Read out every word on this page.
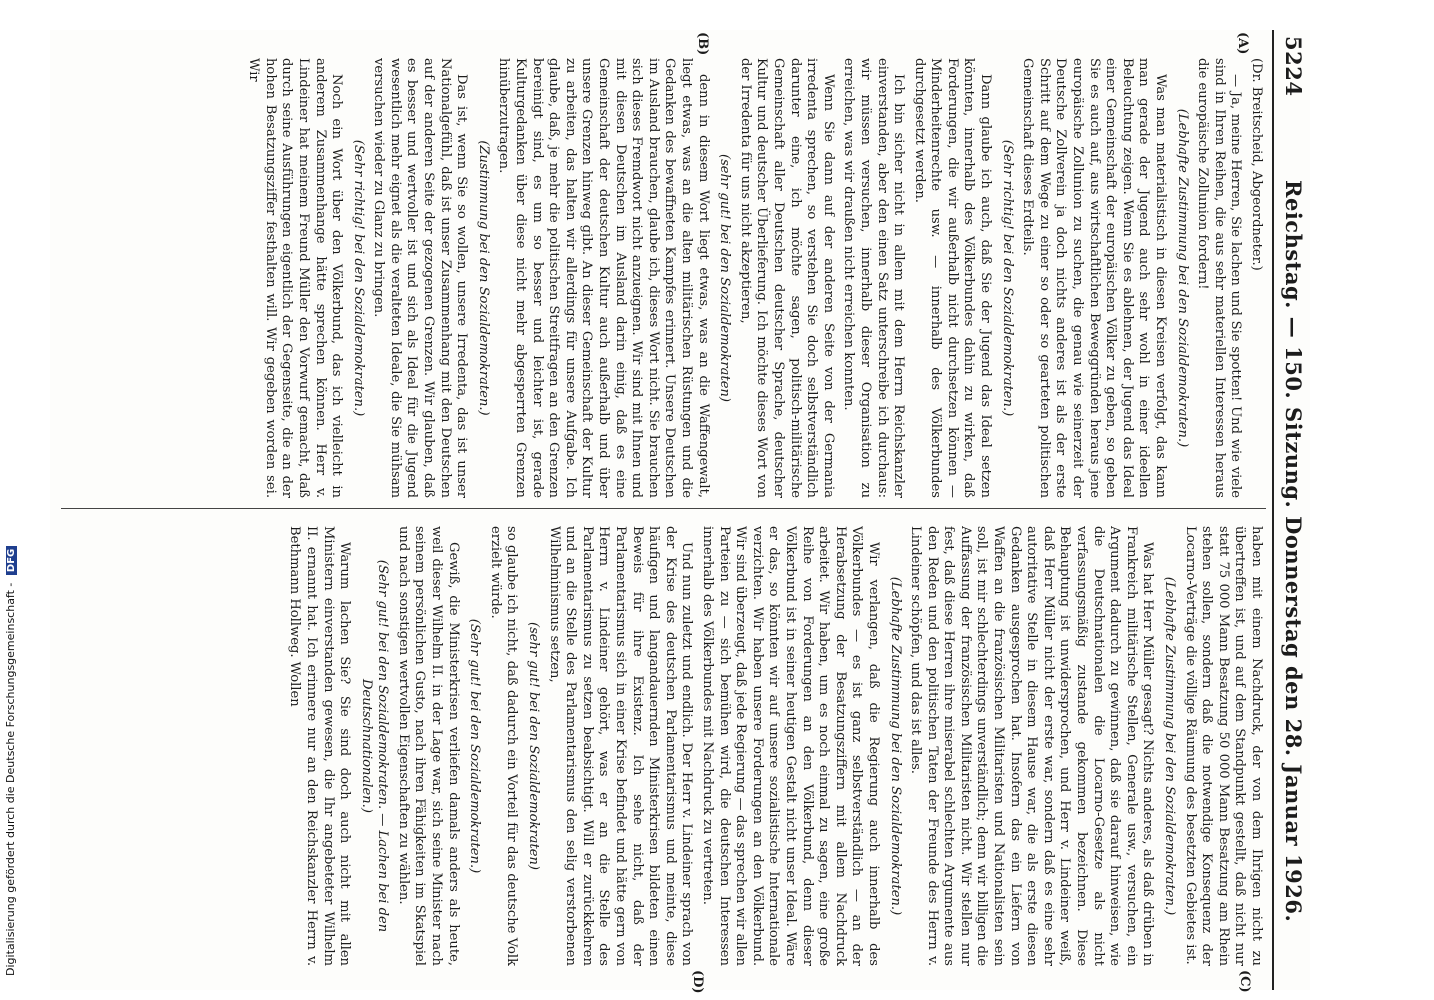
5224
Reichstag. — 150. Sitzung. Donnerstag den 28. Januar 1926.
(A)
(B)
(C)
(D)

(Dr. Breitscheid, Abgeordneter.)

— Ja, meine Herren, Sie lachen und Sie spotten! Und wie viele sind in Ihren Reihen, die aus sehr materiellen Interessen heraus die europäische Zollunion fordern!

(Lebhafte Zustimmung bei den Sozialdemokraten.)

Was man materialistisch in diesen Kreisen verfolgt, das kann man gerade der Jugend auch sehr wohl in einer ideellen Beleuchtung zeigen. Wenn Sie es ablehnen, der Jugend das Ideal einer Gemeinschaft der europäischen Völker zu geben, so geben Sie es auch auf, aus wirtschaftlichen Beweggründen heraus jene europäische Zollunion zu suchen, die genau wie seinerzeit der Deutsche Zollverein ja doch nichts anderes ist als der erste Schritt auf dem Wege zu einer so oder so gearteten politischen Gemeinschaft dieses Erdteils.

(Sehr richtig! bei den Sozialdemokraten.)

Dann glaube ich auch, daß Sie der Jugend das Ideal setzen könnten, innerhalb des Völkerbundes dahin zu wirken, daß Forderungen, die wir außerhalb nicht durchsetzen können — Minderheitenrechte usw. — innerhalb des Völkerbundes durchgesetzt werden.

Ich bin sicher nicht in allem mit dem Herrn Reichskanzler einverstanden, aber den einen Satz unterschreibe ich durchaus: wir müssen versuchen, innerhalb dieser Organisation zu erreichen, was wir draußen nicht erreichen konnten.

Wenn Sie dann auf der anderen Seite von der Germania irredenta sprechen, so verstehen Sie doch selbstverständlich darunter eine, ich möchte sagen, politisch-militärische Gemeinschaft aller Deutschen deutscher Sprache, deutscher Kultur und deutscher Überlieferung. Ich möchte dieses Wort von der Irredenta für uns nicht akzeptieren,

(sehr gut! bei den Sozialdemokraten)

denn in diesem Wort liegt etwas, was an die Waffengewalt, liegt etwas, was an die alten militärischen Rüstungen und die Gedanken des bewaffneten Kampfes erinnert. Unsere Deutschen im Ausland brauchen, glaube ich, dieses Wort nicht. Sie brauchen sich dieses Fremdwort nicht anzueignen. Wir sind mit Ihnen und mit diesen Deutschen im Ausland darin einig, daß es eine Gemeinschaft der deutschen Kultur auch außerhalb und über unsere Grenzen hinweg gibt. An dieser Gemeinschaft der Kultur zu arbeiten, das halten wir allerdings für unsere Aufgabe. Ich glaube, daß, je mehr die politischen Streitfragen an den Grenzen bereinigt sind, es um so besser und leichter ist, gerade Kulturgedanken über diese nicht mehr abgesperrten Grenzen hinüberzutragen.

(Zustimmung bei den Sozialdemokraten.)

Das ist, wenn Sie so wollen, unsere Irredenta, das ist unser Nationalgefühl, daß ist unser Zusammenhang mit den Deutschen auf der anderen Seite der gezogenen Grenzen. Wir glauben, daß es besser und wertvoller ist und sich als Ideal für die Jugend wesentlich mehr eignet als die veralteten Ideale, die Sie mühsam versuchen wieder zu Glanz zu bringen.

(Sehr richtig! bei den Sozialdemokraten.)

Noch ein Wort über den Völkerbund, das ich vielleicht in anderem Zusammenhange hätte sprechen können. Herr v. Lindeiner hat meinem Freund Müller den Vorwurf gemacht, daß durch seine Ausführungen eigentlich der Gegenseite, die an der hohen Besatzungsziffer festhalten will. Wir gegeben worden sei. Wir

haben mit einem Nachdruck, der von dem Ihrigen nicht zu übertreffen ist, und auf dem Standpunkt gestellt, daß nicht nur statt 75 000 Mann Besatzung 50 000 Mann Besatzung am Rhein stehen sollen, sondern daß die notwendige Konsequenz der Locarno-Verträge die völlige Räumung des besetzten Gebietes ist.

(Lebhafte Zustimmung bei den Sozialdemokraten.)

Was hat Herr Müller gesagt? Nichts anderes, als daß drüben in Frankreich militärische Stellen, Generale usw., versuchen, ein Argument dadurch zu gewinnen, daß sie darauf hinweisen, wie die Deutschnationalen die Locarno-Gesetze als nicht verfassungsmäßig zustande gekommen bezeichnen. Diese Behauptung ist unwidersprochen, und Herr v. Lindeiner weiß, daß Herr Müller nicht der erste war, sondern daß es eine sehr autoritative Stelle in diesem Hause war, die als erste diesen Gedanken ausgesprochen hat. Insofern das ein Liefern von Waffen an die französischen Militaristen und Nationalisten sein soll, ist mir schlechterdings unverständlich; denn wir billigen die Auffassung der französischen Militaristen nicht. Wir stellen nur fest, daß diese Herren ihre miserabel schlechten Argumente aus den Reden und den politischen Taten der Freunde des Herrn v. Lindeiner schöpfen, und das ist alles.

(Lebhafte Zustimmung bei den Sozialdemokraten.)

Wir verlangen, daß die Regierung auch innerhalb des Völkerbundes — es ist ganz selbstverständlich — an der Herabsetzung der Besatzungsziffern mit allem Nachdruck arbeitet. Wir haben, um es noch einmal zu sagen, eine große Reihe von Forderungen an den Völkerbund, denn dieser Völkerbund ist in seiner heutigen Gestalt nicht unser Ideal. Wäre er das, so könnten wir auf unsere sozialistische Internationale verzichten. Wir haben unsere Forderungen an den Völkerbund. Wir sind überzeugt, daß jede Regierung — das sprechen wir allen Parteien zu — sich bemühen wird, die deutschen Interessen innerhalb des Völkerbundes mit Nachdruck zu vertreten.

Und nun zuletzt und endlich. Der Herr v. Lindeiner sprach von der Krise des deutschen Parlamentarismus und meinte, diese häufigen und langandauernden Ministerkrisen bildeten einen Beweis für ihre Existenz. Ich sehe nicht, daß der Parlamentarismus sich in einer Krise befindet und hätte gern von Herrn v. Lindeiner gehört, was er an die Stelle des Parlamentarismus zu setzen beabsichtigt. Will er zurückkehren und an die Stelle des Parlamentarismus den selig verstorbenen Wilhelminismus setzen,

(sehr gut! bei den Sozialdemokraten)

so glaube ich nicht, daß dadurch ein Vorteil für das deutsche Volk erzielt würde.

(Sehr gut! bei den Sozialdemokraten.)

Gewiß, die Ministerkrisen verliefen damals anders als heute, weil dieser Wilhelm II. in der Lage war, sich seine Minister nach seinem persönlichen Gusto, nach ihren Fähigkeiten im Skatspiel und nach sonstigen wertvollen Eigenschaften zu wählen.

(Sehr gut! bei den Sozialdemokraten. — Lachen bei den Deutschnationalen.)

Warum lachen Sie? Sie sind doch auch nicht mit allen Ministern einverstanden gewesen, die Ihr angebeteter Wilhelm II. ernannt hat. Ich erinnere nur an den Reichskanzler Herrn v. Bethmann Hollweg. Wollen

Digitalisierung gefördert durch die Deutsche Forschungsgemeinschaft - DFG
